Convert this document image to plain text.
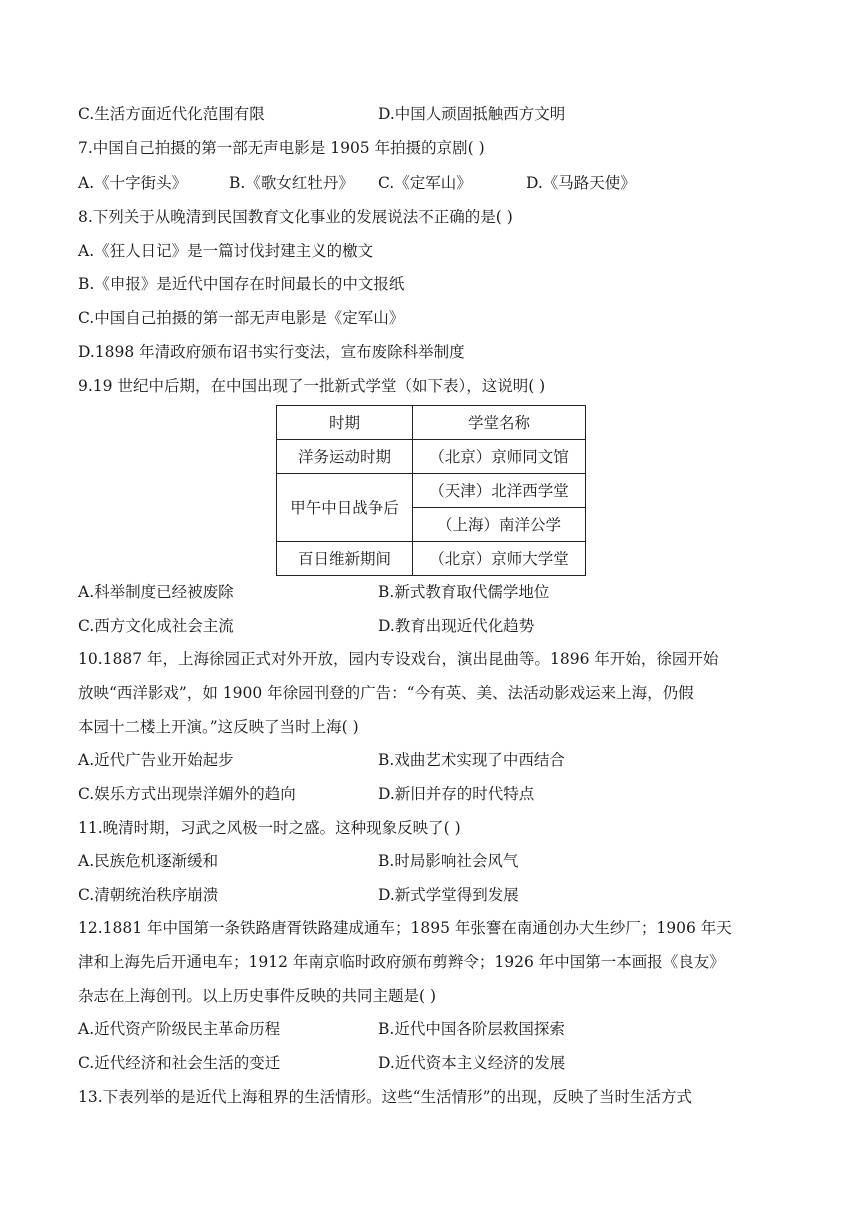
C.生活方面近代化范围有限	D.中国人顽固抵触西方文明
7.中国自己拍摄的第一部无声电影是 1905 年拍摄的京剧( )
A.《十字街头》	B.《歌女红牡丹》 C.《定军山》	D.《马路天使》
8.下列关于从晚清到民国教育文化事业的发展说法不正确的是( )
A.《狂人日记》是一篇讨伐封建主义的檄文
B.《申报》是近代中国存在时间最长的中文报纸
C.中国自己拍摄的第一部无声电影是《定军山》
D.1898 年清政府颁布诏书实行变法，宣布废除科举制度
9.19 世纪中后期，在中国出现了一批新式学堂（如下表），这说明( )
时期	学堂名称
洋务运动时期	（北京）京师同文馆
甲午中日战争后	（天津）北洋西学堂
	（上海）南洋公学
百日维新期间	（北京）京师大学堂
A.科举制度已经被废除	B.新式教育取代儒学地位
C.西方文化成社会主流	D.教育出现近代化趋势
10.1887 年，上海徐园正式对外开放，园内专设戏台，演出昆曲等。1896 年开始，徐园开始
放映“西洋影戏”，如 1900 年徐园刊登的广告：“今有英、美、法活动影戏运来上海，仍假
本园十二楼上开演。”这反映了当时上海( )
A.近代广告业开始起步	B.戏曲艺术实现了中西结合
C.娱乐方式出现崇洋媚外的趋向	D.新旧并存的时代特点
11.晚清时期，习武之风极一时之盛。这种现象反映了( )
A.民族危机逐渐缓和	B.时局影响社会风气
C.清朝统治秩序崩溃	D.新式学堂得到发展
12.1881 年中国第一条铁路唐胥铁路建成通车；1895 年张謇在南通创办大生纱厂；1906 年天
津和上海先后开通电车；1912 年南京临时政府颁布剪辫令；1926 年中国第一本画报《良友》
杂志在上海创刊。以上历史事件反映的共同主题是( )
A.近代资产阶级民主革命历程	B.近代中国各阶层救国探索
C.近代经济和社会生活的变迁	D.近代资本主义经济的发展
13.下表列举的是近代上海租界的生活情形。这些“生活情形”的出现，反映了当时生活方式
